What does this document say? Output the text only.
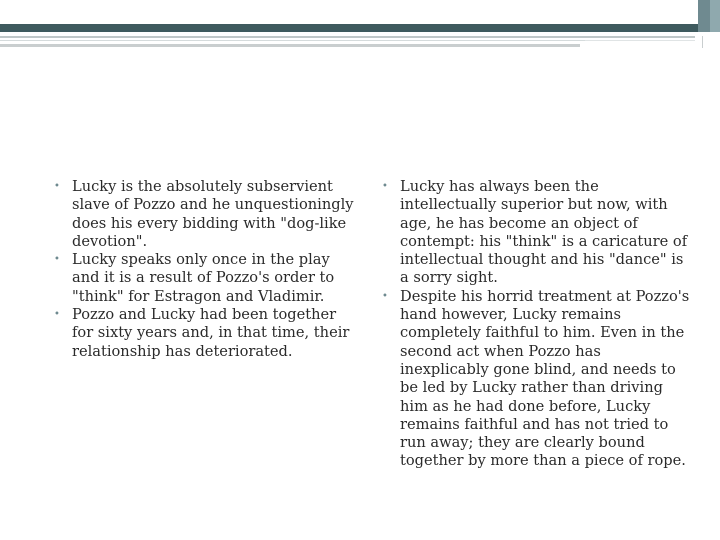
• Lucky is the absolutely subservient slave of Pozzo and he unquestioningly does his every bidding with "dog-like devotion".
• Lucky speaks only once in the play and it is a result of Pozzo's order to "think" for Estragon and Vladimir.
• Pozzo and Lucky had been together for sixty years and, in that time, their relationship has deteriorated.
• Lucky has always been the intellectually superior but now, with age, he has become an object of contempt: his "think" is a caricature of intellectual thought and his "dance" is a sorry sight.
• Despite his horrid treatment at Pozzo's hand however, Lucky remains completely faithful to him. Even in the second act when Pozzo has inexplicably gone blind, and needs to be led by Lucky rather than driving him as he had done before, Lucky remains faithful and has not tried to run away; they are clearly bound together by more than a piece of rope.
